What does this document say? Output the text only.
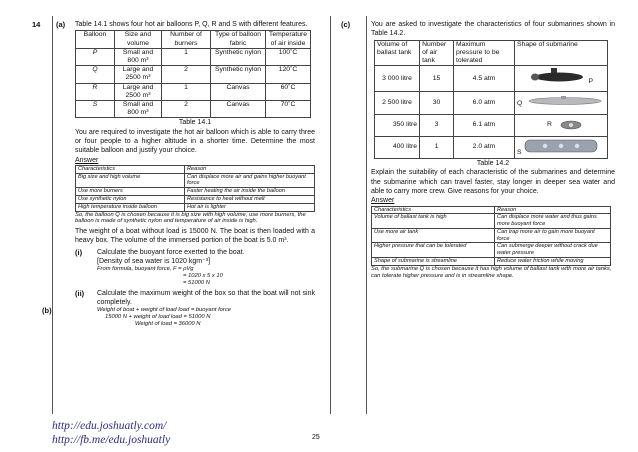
14 (a)
(b)
(c)
Table 14.1 shows four hot air balloons P, Q, R and S with different features.
Balloon	Size and volume	Number of burners	Type of balloon fabric	Temperature of air inside
P	Small and 800 m³	1	Synthetic nylon	100˚C
Q	Large and 2500 m³	2	Synthetic nylon	120˚C
R	Large and 2500 m³	1	Canvas	60˚C
S	Small and 800 m³	2	Canvas	70˚C
Table 14.1
You are required to investigate the hot air balloon which is able to carry three or four people to a higher altitude in a shorter time. Determine the most suitable balloon and justify your choice.
Answer
Characteristics	Reason
Big size and high volume	Can displace more air and gains higher buoyant force
Use more burners	Faster heating the air inside the balloon
Use synthetic nylon	Resistance to heat without melt
High temperature inside balloon	Hot air is lighter
So, the balloon Q is chosen because it is big size with high volume, use more burners, the balloon is made of synthetic nylon and temperature of air inside is high.
The weight of a boat without load is 15000 N. The boat is then loaded with a heavy box. The volume of the immersed portion of the boat is 5.0 m³.
(i) Calculate the buoyant force exerted to the boat.
[Density of sea water is 1020 kgm⁻³]
From formula, buoyant force, F = ρVg
= 1020 x 5 x 10
= 51000 N
(ii) Calculate the maximum weight of the box so that the boat will not sink completely.
Weight of boat + weight of load load = buoyant force
15000 N + weight of load load = 51000 N
Weight of load = 36000 N
You are asked to investigate the characteristics of four submarines shown in Table 14.2.
Volume of ballast tank	Number of air tank	Maximum pressure to be tolerated	Shape of submarine
3 000 litre	15	4.5 atm	P

2 500 litre	30	6.0 atm	Q

350 litre	3	6.1 atm	R

400 litre	1	2.0 atm	S
Table 14.2
Explain the suitability of each characteristic of the submarines and determine the submarine which can travel faster, stay longer in deeper sea water and able to carry more crew. Give reasons for your choice.
Answer
Characteristics	Reason
Volume of ballast tank is high	Can displace more water and thus gains more buoyant force
Use more air tank	Can trap more air to gain more buoyant force
Higher pressure that can be tolerated	Can submerge deeper without crack due water pressure
Shape of submarine is streamline	Reduce water friction while moving
So, the submarine Q is chosen because it has high volume of ballast tank with more air tanks, can tolerate higher pressure and is in streamline shape.
http://edu.joshuatly.com/
http://fb.me/edu.joshuatly	25
